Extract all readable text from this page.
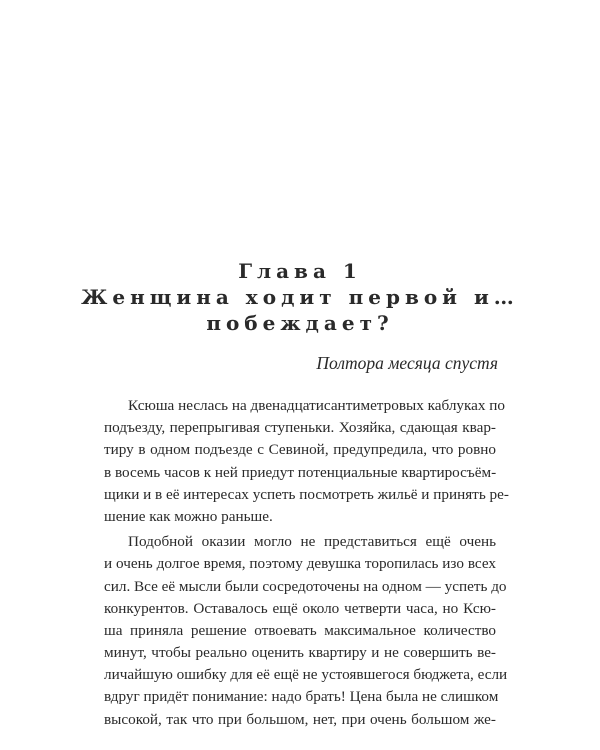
Глава 1

Женщина ходит первой и…

побеждает?

Полтора месяца спустя
Ксюша неслась на двенадцатисантиметровых каблуках по
подъезду, перепрыгивая ступеньки. Хозяйка, сдающая квар-
тиру в одном подъезде с Севиной, предупредила, что ровно
в восемь часов к ней приедут потенциальные квартиросъём-
щики и в её интересах успеть посмотреть жильё и принять ре-
шение как можно раньше.
Подобной оказии могло не представиться ещё очень
и очень долгое время, поэтому девушка торопилась изо всех
сил. Все её мысли были сосредоточены на одном — успеть до
конкурентов. Оставалось ещё около четверти часа, но Ксю-
ша приняла решение отвоевать максимальное количество
минут, чтобы реально оценить квартиру и не совершить ве-
личайшую ошибку для её ещё не устоявшегося бюджета, если
вдруг придёт понимание: надо брать! Цена была не слишком
высокой, так что при большом, нет, при очень большом же-
